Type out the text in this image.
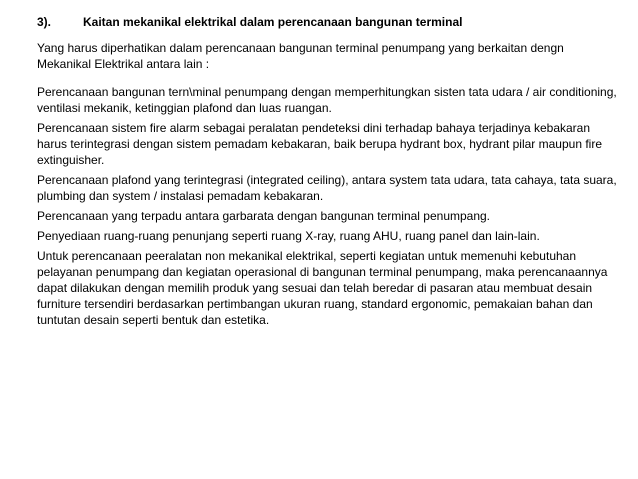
3).	Kaitan mekanikal elektrikal dalam perencanaan bangunan terminal

Yang harus diperhatikan dalam perencanaan bangunan terminal penumpang yang berkaitan dengn Mekanikal Elektrikal antara lain :

Perencanaan bangunan tern\minal penumpang dengan memperhitungkan sisten tata udara / air conditioning, ventilasi mekanik, ketinggian plafond dan luas ruangan.

Perencanaan sistem fire alarm sebagai peralatan pendeteksi dini terhadap bahaya terjadinya kebakaran harus terintegrasi dengan sistem pemadam kebakaran, baik berupa hydrant box, hydrant pilar maupun fire extinguisher.

Perencanaan plafond yang terintegrasi (integrated ceiling), antara system tata udara, tata cahaya, tata suara, plumbing dan system / instalasi pemadam kebakaran.

Perencanaan yang terpadu antara garbarata dengan bangunan terminal penumpang.

Penyediaan ruang-ruang penunjang seperti ruang X-ray, ruang AHU, ruang panel dan lain-lain.

Untuk perencanaan peeralatan non mekanikal elektrikal, seperti kegiatan untuk memenuhi kebutuhan pelayanan penumpang dan kegiatan operasional di bangunan terminal penumpang, maka perencanaannya dapat dilakukan dengan memilih produk yang sesuai dan telah beredar di pasaran atau membuat desain furniture tersendiri berdasarkan pertimbangan ukuran ruang, standard ergonomic, pemakaian bahan dan tuntutan desain seperti bentuk dan estetika.
